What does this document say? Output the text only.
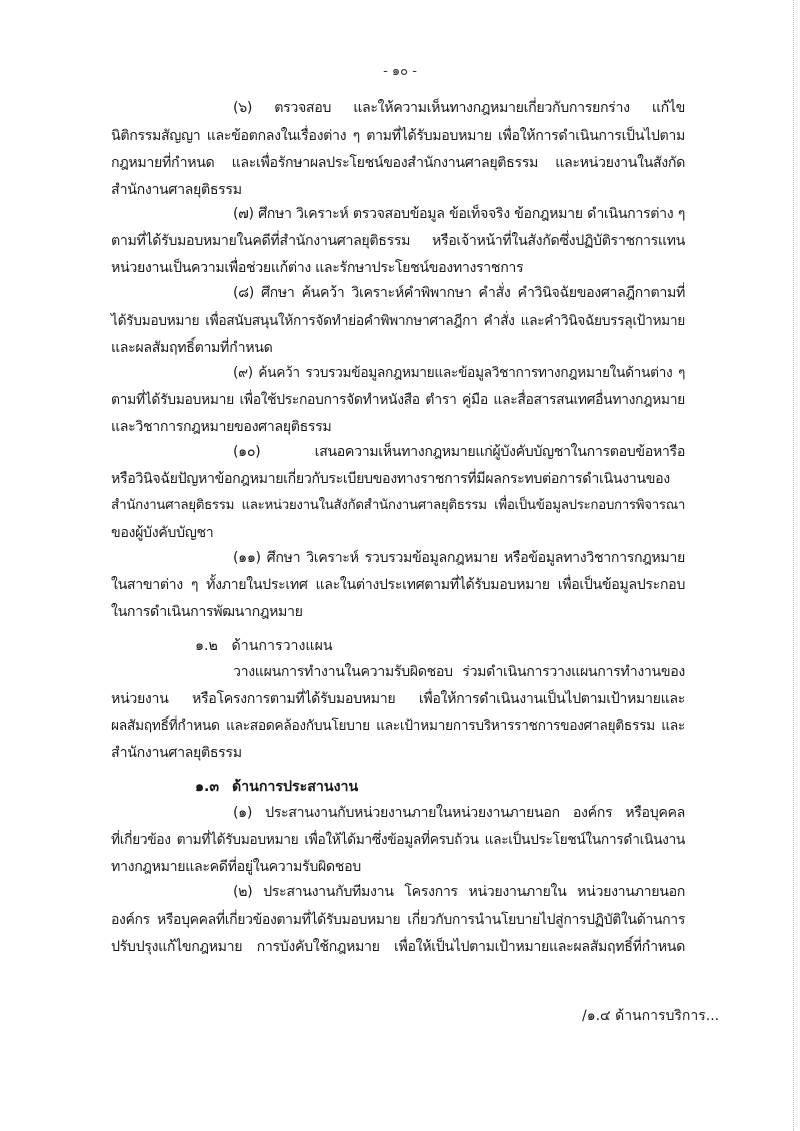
- ๑๐ -
(๖) ตรวจสอบ และให้ความเห็นทางกฎหมายเกี่ยวกับการยกร่าง แก้ไข
นิติกรรมสัญญา และข้อตกลงในเรื่องต่าง ๆ ตามที่ได้รับมอบหมาย เพื่อให้การดำเนินการเป็นไปตาม
กฎหมายที่กำหนด และเพื่อรักษาผลประโยชน์ของสำนักงานศาลยุติธรรม และหน่วยงานในสังกัด
สำนักงานศาลยุติธรรม
(๗) ศึกษา วิเคราะห์ ตรวจสอบข้อมูล ข้อเท็จจริง ข้อกฎหมาย ดำเนินการต่าง ๆ
ตามที่ได้รับมอบหมายในคดีที่สำนักงานศาลยุติธรรม หรือเจ้าหน้าที่ในสังกัดซึ่งปฏิบัติราชการแทน
หน่วยงานเป็นความเพื่อช่วยแก้ต่าง และรักษาประโยชน์ของทางราชการ
(๘) ศึกษา ค้นคว้า วิเคราะห์คำพิพากษา คำสั่ง คำวินิจฉัยของศาลฎีกาตามที่
ได้รับมอบหมาย เพื่อสนับสนุนให้การจัดทำย่อคำพิพากษาศาลฎีกา คำสั่ง และคำวินิจฉัยบรรลุเป้าหมาย
และผลสัมฤทธิ์ตามที่กำหนด
(๙) ค้นคว้า รวบรวมข้อมูลกฎหมายและข้อมูลวิชาการทางกฎหมายในด้านต่าง ๆ
ตามที่ได้รับมอบหมาย เพื่อใช้ประกอบการจัดทำหนังสือ ตำรา คู่มือ และสื่อสารสนเทศอื่นทางกฎหมาย
และวิชาการกฎหมายของศาลยุติธรรม
(๑๐) เสนอความเห็นทางกฎหมายแก่ผู้บังคับบัญชาในการตอบข้อหารือ
หรือวินิจฉัยปัญหาข้อกฎหมายเกี่ยวกับระเบียบของทางราชการที่มีผลกระทบต่อการดำเนินงานของ
สำนักงานศาลยุติธรรม และหน่วยงานในสังกัดสำนักงานศาลยุติธรรม เพื่อเป็นข้อมูลประกอบการพิจารณา
ของผู้บังคับบัญชา
(๑๑) ศึกษา วิเคราะห์ รวบรวมข้อมูลกฎหมาย หรือข้อมูลทางวิชาการกฎหมาย
ในสาขาต่าง ๆ ทั้งภายในประเทศ และในต่างประเทศตามที่ได้รับมอบหมาย เพื่อเป็นข้อมูลประกอบ
ในการดำเนินการพัฒนากฎหมาย
๑.๒ ด้านการวางแผน
วางแผนการทำงานในความรับผิดชอบ ร่วมดำเนินการวางแผนการทำงานของ
หน่วยงาน หรือโครงการตามที่ได้รับมอบหมาย เพื่อให้การดำเนินงานเป็นไปตามเป้าหมายและ
ผลสัมฤทธิ์ที่กำหนด และสอดคล้องกับนโยบาย และเป้าหมายการบริหารราชการของศาลยุติธรรม และ
สำนักงานศาลยุติธรรม
๑.๓ ด้านการประสานงาน
(๑) ประสานงานกับหน่วยงานภายในหน่วยงานภายนอก องค์กร หรือบุคคล
ที่เกี่ยวข้อง ตามที่ได้รับมอบหมาย เพื่อให้ได้มาซึ่งข้อมูลที่ครบถ้วน และเป็นประโยชน์ในการดำเนินงาน
ทางกฎหมายและคดีที่อยู่ในความรับผิดชอบ
(๒) ประสานงานกับทีมงาน โครงการ หน่วยงานภายใน หน่วยงานภายนอก
องค์กร หรือบุคคลที่เกี่ยวข้องตามที่ได้รับมอบหมาย เกี่ยวกับการนำนโยบายไปสู่การปฏิบัติในด้านการ
ปรับปรุงแก้ไขกฎหมาย การบังคับใช้กฎหมาย เพื่อให้เป็นไปตามเป้าหมายและผลสัมฤทธิ์ที่กำหนด
/๑.๔ ด้านการบริการ...
